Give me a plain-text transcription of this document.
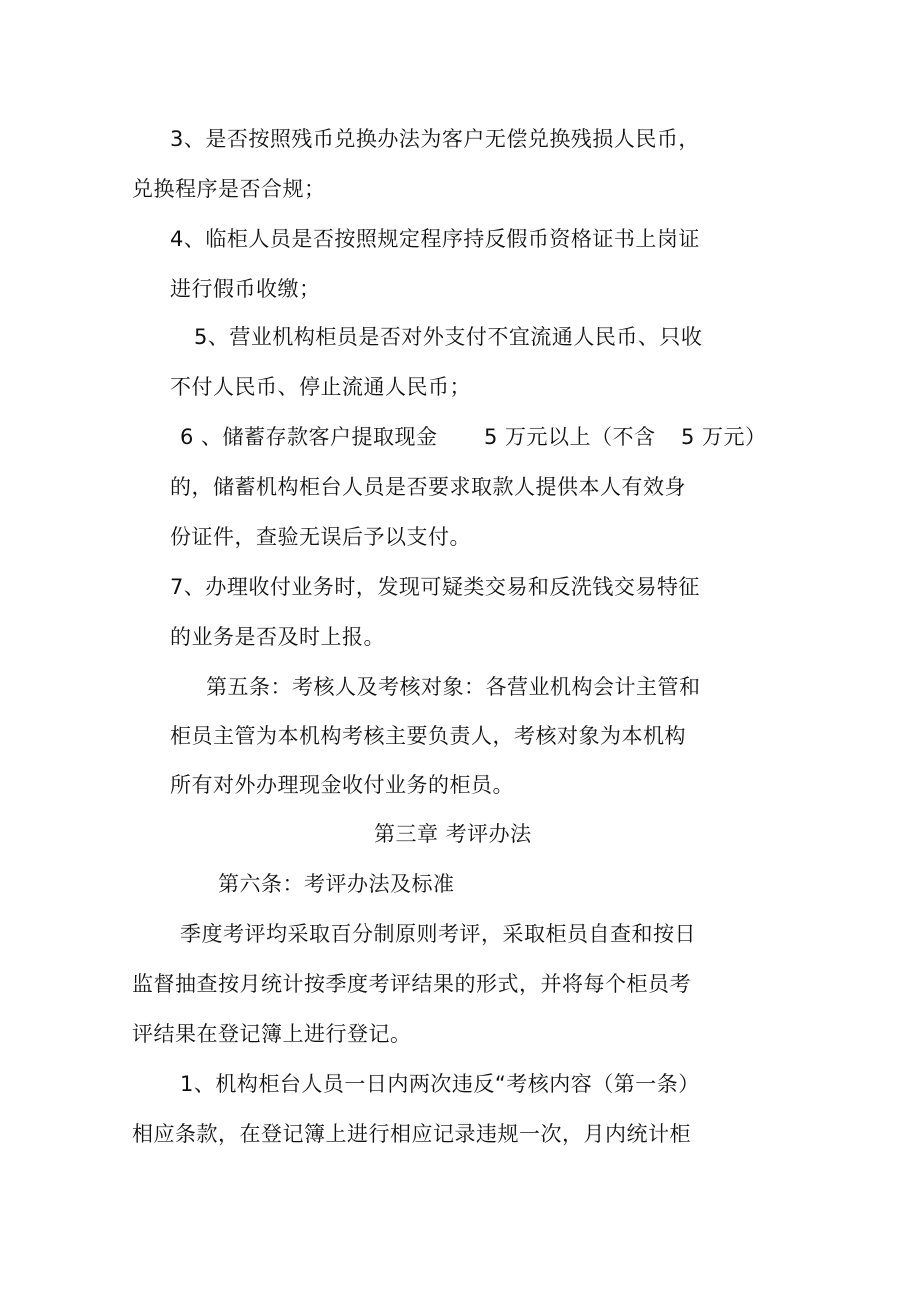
3、是否按照残币兑换办法为客户无偿兑换残损人民币，
兑换程序是否合规；
4、临柜人员是否按照规定程序持反假币资格证书上岗证
进行假币收缴；
5、营业机构柜员是否对外支付不宜流通人民币、只收
不付人民币、停止流通人民币；
6 、储蓄存款客户提取现金 5 万元以上（不含 5 万元）
的，储蓄机构柜台人员是否要求取款人提供本人有效身
份证件，查验无误后予以支付。
7、办理收付业务时，发现可疑类交易和反洗钱交易特征
的业务是否及时上报。
第五条：考核人及考核对象：各营业机构会计主管和
柜员主管为本机构考核主要负责人，考核对象为本机构
所有对外办理现金收付业务的柜员。
第三章 考评办法
第六条：考评办法及标准
季度考评均采取百分制原则考评，采取柜员自查和按日
监督抽查按月统计按季度考评结果的形式，并将每个柜员考
评结果在登记簿上进行登记。
1、机构柜台人员一日内两次违反“考核内容（第一条）
相应条款，在登记簿上进行相应记录违规一次，月内统计柜
